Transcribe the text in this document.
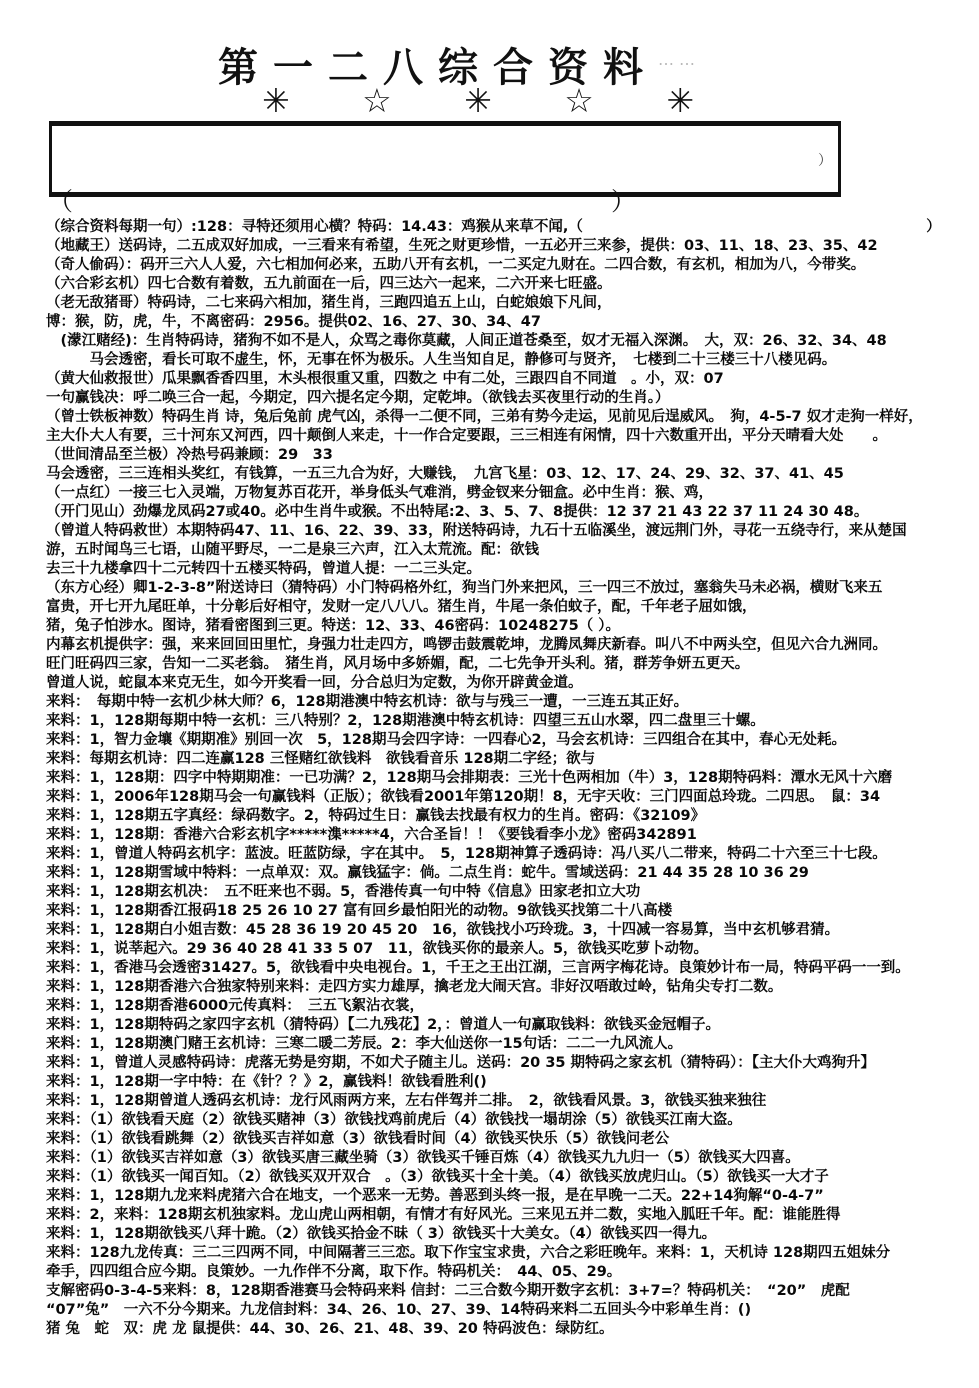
第一二八综合资料……
✳ ☆ ✳ ☆ ✳
）
（	）
（综合资料每期一句）:128：寻特还须用心横？特码：14.43：鸡猴从来草不闻,（                                                                    ）
（地藏王）送码诗，二五成双好加成，一三看来有希望，生死之财更珍惜，一五必开三来参，提供：03、11、18、23、35、42
（奇人偷码）：码开三六人人爱，六七相加何必来，五助八开有玄机，一二买定九财在。二四合数，有玄机，相加为八，今带奖。
（六合彩玄机）四七合数有着数，五九前面在一后，四三达六一起来，二六开来七旺盛。
（老无敌猪哥）特码诗，二七来码六相加，猪生肖，三跑四追五上山，白蛇娘娘下凡间，
博：猴，防，虎，牛，不离密码：2956。提供02、16、27、30、34、47
　(濛江赌经)：生肖特码诗，猪狗不如不是人，众骂之毒你莫藏，人间正道苍桑至，奴才无福入深渊。　大，双：26、32、34、48
　　　马会透密，看长可取不虚生，怀，无事在怀为极乐。人生当知自足，静修可与贤齐，　七楼到二十三楼三十八楼见码。
（黄大仙救报世）瓜果飘香香四里，木头根很重又重，四数之 中有二处，三跟四自不同道　。小，双：07
一句赢钱决：呼二唤三合一起，今期定，四六提名定今期，定乾坤。（欲钱去买夜里行动的生肖。）
（曾士铁板神数）特码生肖 诗，兔后兔前 虎气凶，杀得一二便不同，三弟有势今走运，见前见后逞威风。　狗，4-5-7 奴才走狗一样好，
主大仆大人有要，三十河东又河西，四十颠倒人来走，十一作合定要跟，三三相连有闲情，四十六数重开出，平分天晴看大处　　。
（世间清品至兰极）冷热号码兼顾：29　33
马会透密，三三连相头奖红，有钱算，一五三九合为好，大赚钱，　九宫飞星：03、12、17、24、29、32、37、41、45
（一点红）一接三七入灵端，万物复苏百花开，举身低头气难消，劈金钗来分钿盒。必中生肖：猴、鸡，
（开门见山）劲爆龙凤码27或40。必中生肖牛或猴。不出特尾:2、3、5、7、8提供：12 37 21 43 22 37 11 24 30 48。
（曾道人特码救世）本期特码47、11、16、22、39、33，附送特码诗，九石十五临溪坐，渡远荆门外，寻花一五绕寺行，来从楚国
游，五时闻鸟三七语，山随平野尽，一二是泉三六声，江入太荒流。配：欲钱
去三十九楼拿四十二元转四十五楼买特码，曾道人提：一二三头定。
（东方心经）卿1-2-3-8”附送诗曰（猜特码）小门特码格外红，狗当门外来把风，三一四三不放过，塞翁失马未必祸，横财飞来五
富贵，开七开九尾旺单，十分彰后好相守，发财一定八八八。猪生肖，牛尾一条伯蚊子，配，千年老子屈如饿，
猪，兔子怕涉水。图诗，猪看密图到三更。特送：12、33、46密码：10248275（ ）。
内幕玄机提供字：强，来来回回田里忙，身强力壮走四方，鸣锣击鼓震乾坤，龙腾凤舞庆新春。叫八不中两头空，但见六合九洲同。
旺门旺码四三家，告知一二买老翁。　猪生肖，风月场中多娇媚，配，二七先争开头利。猪，群芳争妍五更天。
曾道人说，蛇鼠本来克无生，如今开奖看一回，分合总归为定数，为你开辟黄金道。
来料：　每期中特一玄机少林大师？6，128期港澳中特玄机诗：欲与与残三一遭，一三连五其正好。
来料：1，128期每期中特一玄机：三八特别？2，128期港澳中特玄机诗：四望三五山水翠，四二盘里三十螺。
来料：1，智力金壤《期期准》别回一次　5，128期马会四字诗：一四春心2，马会玄机诗：三四组合在其中，春心无处耗。
来料：每期玄机诗：四二连赢128 三怪赌红欲钱料　欲钱看音乐 128期二字经；欲与
来料：1，128期：四字中特期期准：一已功满？2，128期马会排期表：三光十色两相加（牛）3，128期特码料：潭水无风十六磨
来料：1，2006年128期马会一句赢钱料（正版）；欲钱看2001年第120期！8，无宇天收：三门四面总玲珑。二四思。　鼠：34
来料：1，128期五字真经：绿码数字。2，特码过生日：赢钱去找最有权力的生肖。密码：《32109》
来料：1，128期：香港六合彩玄机字*****潗*****4，六合圣旨！！《要钱看李小龙》密码342891
来料：1，曾道人特码玄机字：蓝波。旺蓝防绿，字在其中。　5，128期神算子透码诗：冯八买八二带来，特码二十六至三十七段。
来料：1，128期雪域中特料：一点单双：双。赢钱猛字：倘。二点生肖：蛇牛。雪域送码：21 44 35 28 10 36 29
来料：1，128期玄机决：　五不旺来也不弱。5，香港传真一句中特《信息》田家老扣立大功
来料：1，128期香江报码18 25 26 10 27 富有回乡最怕阳光的动物。9欲钱买找第二十八高楼
来料：1，128期白小姐吉数：45 28 36 19 20 45 20　16，欲钱找小巧玲珑。3，十四减一容易算，当中玄机够君猜。
来料：1，说莘起六。29 36 40 28 41 33 5 07　11，欲钱买你的最亲人。5，欲钱买吃萝卜动物。
来料：1，香港马会透密31427。5，欲钱看中央电视台。1，千王之王出江湖，三言两字梅花诗。良策妙计布一局，特码平码一一到。
来料：1，128期香港六合独家特别来料：走四方实力雄厚，擒老龙大闹天宫。非好汉唔敢过岭，钻角尖专打二数。
来料：1，128期香港6000元传真料：　三五飞絮沾衣裳，
来料：1，128期特码之家四字玄机（猜特码）【二九残花】2，：曾道人一句赢取钱料：欲钱买金冠帽子。
来料：1，128期澳门赌王玄机诗：三寒二暖二芳辰。2：李大仙送你一15句话：二二一九风流人。
来料：1，曾道人灵感特码诗：虎落无势是穷期，不如犬子随主儿。送码：20 35 期特码之家玄机（猜特码）：【主大仆大鸡狗升】
来料：1，128期一字中特：在《针？？》2，赢钱料！欲钱看胜利()
来料：1，128期曾道人透码玄机诗：龙行风雨两方来，左右伴驾并二排。　2，欲钱看风景。3，欲钱买独来独往
来料：（1）欲钱看天庭（2）欲钱买赌神（3）欲钱找鸡前虎后（4）欲钱找一塌胡涂（5）欲钱买江南大盗。
来料：（1）欲钱看跳舞（2）欲钱买吉祥如意（3）欲钱看时间（4）欲钱买快乐（5）欲钱问老公
来料：（1）欲钱买吉祥如意（3）欲钱买唐三藏坐骑（3）欲钱买千锤百炼（4）欲钱买九九归一（5）欲钱买大四喜。
来料：（1）欲钱买一闻百知。（2）欲钱买双开双合　。（3）欲钱买十全十美。（4）欲钱买放虎归山。（5）欲钱买一大才子
来料：1，128期九龙来料虎猪六合在地支，一个恶来一无势。善恶到头终一报，是在早晚一二天。22+14狗解“0-4-7”
来料：2，来料：128期玄机独家料。龙山虎山两相朝，有情才有好风光。三来见五并二数，实地入胍旺千年。配：谁能胜得
来料：1，128期欲钱买八拜十跪。（2）欲钱买拾金不昧（ 3）欲钱买十大美女。（4）欲钱买四一得九。
来料：128九龙传真：三二三四两不同，中间隔著三三恋。取下作宝宝求贵，六合之彩旺晚年。来料：1，天机诗 128期四五姐妹分
牵手，四四组合应今期。良策妙。一九作伴不分离，取下作。特码机关：　44、05、29。
支解密码0-3-4-5来料：8，128期香港赛马会特码来料 信封：二三合数今期开数字玄机：3+7=？特码机关：　“20”　虎配
“07”兔”　一六不分今期来。九龙信封料：34、26、10、27、39、14特码来料二五回头今中彩单生肖：()
猪 兔　蛇　双：虎 龙 鼠提供：44、30、26、21、48、39、20 特码波色：绿防红。
